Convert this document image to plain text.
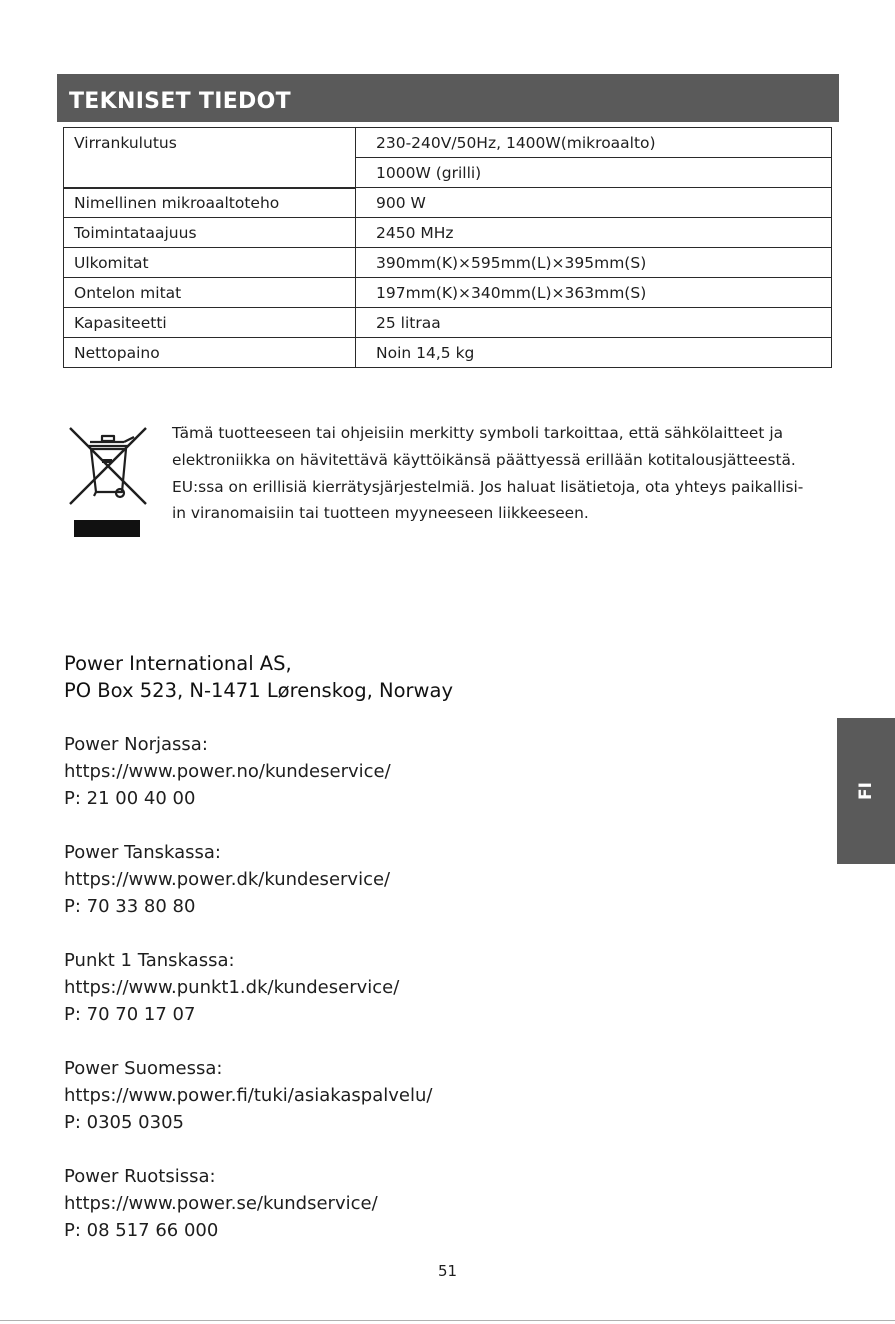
TEKNISET TIEDOT
Virrankulutus	230-240V/50Hz, 1400W(mikroaalto)
	1000W (grilli)
Nimellinen mikroaaltoteho	900 W
Toimintataajuus	2450 MHz
Ulkomitat	390mm(K)×595mm(L)×395mm(S)
Ontelon mitat	197mm(K)×340mm(L)×363mm(S)
Kapasiteetti	25 litraa
Nettopaino	Noin 14,5 kg
Tämä tuotteeseen tai ohjeisiin merkitty symboli tarkoittaa, että sähkölaitteet ja
elektroniikka on hävitettävä käyttöikänsä päättyessä erillään kotitalousjätteestä.
EU:ssa on erillisiä kierrätysjärjestelmiä. Jos haluat lisätietoja, ota yhteys paikallisi-
in viranomaisiin tai tuotteen myyneeseen liikkeeseen.
Power International AS,
PO Box 523, N-1471 Lørenskog, Norway
Power Norjassa:
https://www.power.no/kundeservice/
P: 21 00 40 00
Power Tanskassa:
https://www.power.dk/kundeservice/
P: 70 33 80 80
Punkt 1 Tanskassa:
https://www.punkt1.dk/kundeservice/
P: 70 70 17 07
Power Suomessa:
https://www.power.fi/tuki/asiakaspalvelu/
P: 0305 0305
Power Ruotsissa:
https://www.power.se/kundservice/
P: 08 517 66 000
FI
51
